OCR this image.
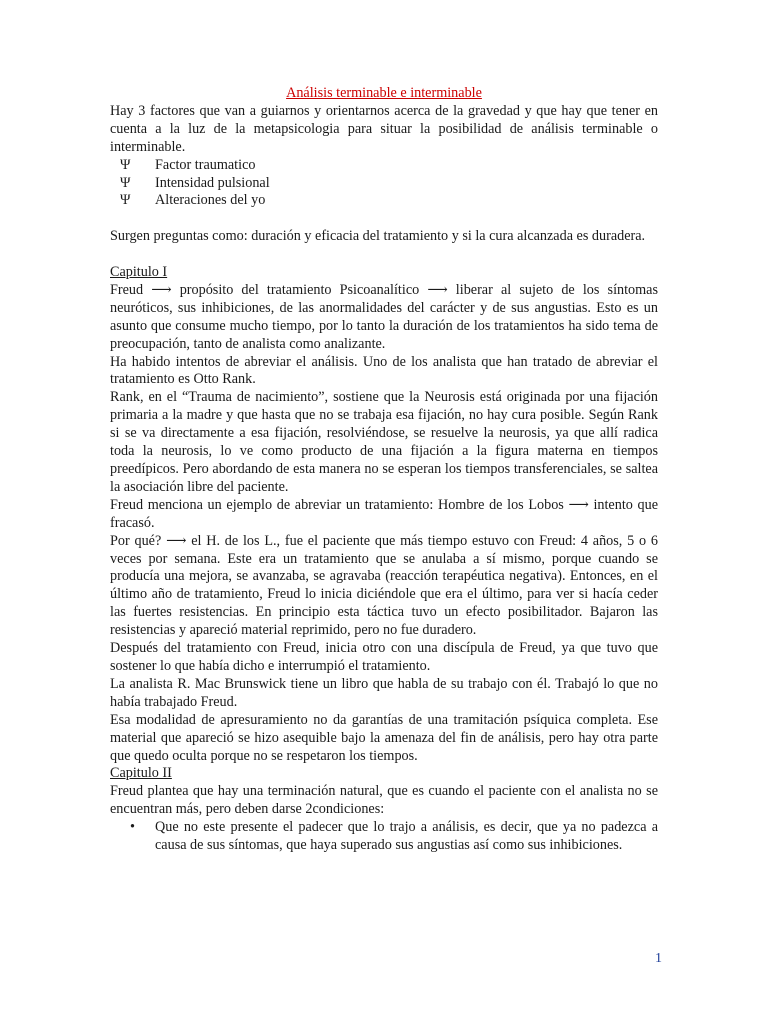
Análisis terminable e interminable

Hay 3 factores que van a guiarnos y orientarnos acerca de la gravedad y que hay que tener en cuenta a la luz de la metapsicologia para situar la posibilidad de análisis terminable o interminable.

Ψ Factor traumatico
Ψ Intensidad pulsional
Ψ Alteraciones del yo

Surgen preguntas como: duración y eficacia del tratamiento y si la cura alcanzada es duradera.

Capitulo I

Freud ⟶ propósito del tratamiento Psicoanalítico ⟶ liberar al sujeto de los síntomas neuróticos, sus inhibiciones, de las anormalidades del carácter y de sus angustias. Esto es un asunto que consume mucho tiempo, por lo tanto la duración de los tratamientos ha sido tema de preocupación, tanto de analista como analizante.

Ha habido intentos de abreviar el análisis. Uno de los analista que han tratado de abreviar el tratamiento es Otto Rank.

Rank, en el “Trauma de nacimiento”, sostiene que la Neurosis está originada por una fijación primaria a la madre y que hasta que no se trabaja esa fijación, no hay cura posible. Según Rank si se va directamente a esa fijación, resolviéndose, se resuelve la neurosis, ya que allí radica toda la neurosis, lo ve como producto de una fijación a la figura materna en tiempos preedípicos. Pero abordando de esta manera no se esperan los tiempos transferenciales, se saltea la asociación libre del paciente.

Freud menciona un ejemplo de abreviar un tratamiento: Hombre de los Lobos ⟶ intento que fracasó.

Por qué? ⟶ el H. de los L., fue el paciente que más tiempo estuvo con Freud: 4 años, 5 o 6 veces por semana. Este era un tratamiento que se anulaba a sí mismo, porque cuando se producía una mejora, se avanzaba, se agravaba (reacción terapéutica negativa). Entonces, en el último año de tratamiento, Freud lo inicia diciéndole que era el último, para ver si hacía ceder las fuertes resistencias. En principio esta táctica tuvo un efecto posibilitador. Bajaron las resistencias y apareció material reprimido, pero no fue duradero.

Después del tratamiento con Freud, inicia otro con una discípula de Freud, ya que tuvo que sostener lo que había dicho e interrumpió el tratamiento.

La analista R. Mac Brunswick tiene un libro que habla de su trabajo con él. Trabajó lo que no había trabajado Freud.

Esa modalidad de apresuramiento no da garantías de una tramitación psíquica completa. Ese material que apareció se hizo asequible bajo la amenaza del fin de análisis, pero hay otra parte que quedo oculta porque no se respetaron los tiempos.

Capitulo II

Freud plantea que hay una terminación natural, que es cuando el paciente con el analista no se encuentran más, pero deben darse 2condiciones:

• Que no este presente el padecer que lo trajo a análisis, es decir, que ya no padezca a causa de sus síntomas, que haya superado sus angustias así como sus inhibiciones.
1
